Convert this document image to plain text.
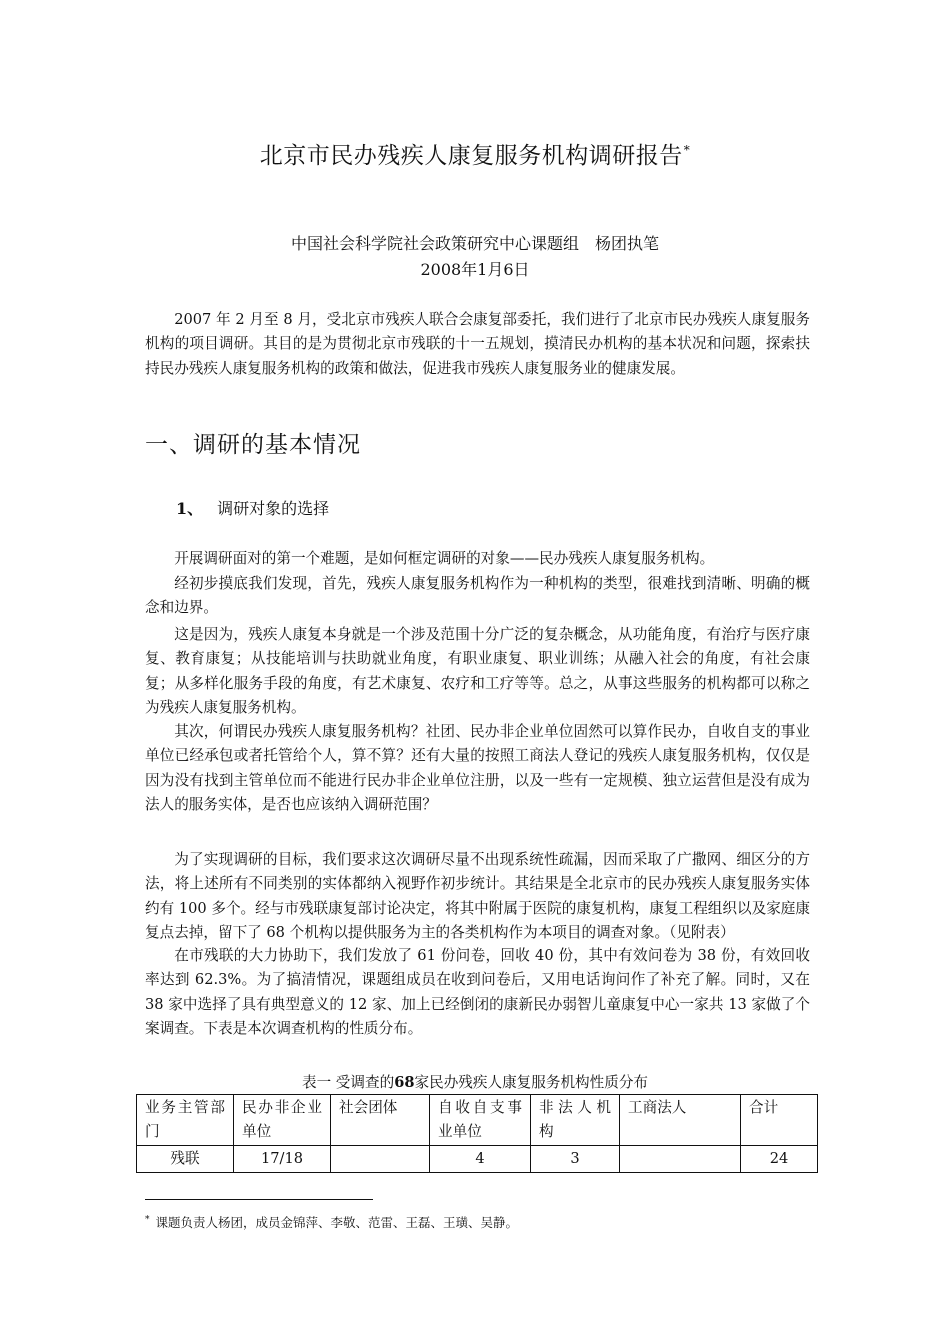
北京市民办残疾人康复服务机构调研报告*
中国社会科学院社会政策研究中心课题组　杨团执笔
2008年1月6日

2007 年 2 月至 8 月，受北京市残疾人联合会康复部委托，我们进行了北京市民办残疾人康复服务机构的项目调研。其目的是为贯彻北京市残联的十一五规划，摸清民办机构的基本状况和问题，探索扶持民办残疾人康复服务机构的政策和做法，促进我市残疾人康复服务业的健康发展。

一、调研的基本情况
1、 调研对象的选择

开展调研面对的第一个难题，是如何框定调研的对象——民办残疾人康复服务机构。

经初步摸底我们发现，首先，残疾人康复服务机构作为一种机构的类型，很难找到清晰、明确的概念和边界。

这是因为，残疾人康复本身就是一个涉及范围十分广泛的复杂概念，从功能角度，有治疗与医疗康复、教育康复；从技能培训与扶助就业角度，有职业康复、职业训练；从融入社会的角度，有社会康复；从多样化服务手段的角度，有艺术康复、农疗和工疗等等。总之，从事这些服务的机构都可以称之为残疾人康复服务机构。

其次，何谓民办残疾人康复服务机构？社团、民办非企业单位固然可以算作民办，自收自支的事业单位已经承包或者托管给个人，算不算？还有大量的按照工商法人登记的残疾人康复服务机构，仅仅是因为没有找到主管单位而不能进行民办非企业单位注册，以及一些有一定规模、独立运营但是没有成为法人的服务实体，是否也应该纳入调研范围？

为了实现调研的目标，我们要求这次调研尽量不出现系统性疏漏，因而采取了广撒网、细区分的方法，将上述所有不同类别的实体都纳入视野作初步统计。其结果是全北京市的民办残疾人康复服务实体约有 100 多个。经与市残联康复部讨论决定，将其中附属于医院的康复机构，康复工程组织以及家庭康复点去掉，留下了 68 个机构以提供服务为主的各类机构作为本项目的调查对象。（见附表）

在市残联的大力协助下，我们发放了 61 份问卷，回收 40 份，其中有效问卷为 38 份，有效回收率达到 62.3%。为了搞清情况，课题组成员在收到问卷后，又用电话询问作了补充了解。同时，又在 38 家中选择了具有典型意义的 12 家、加上已经倒闭的康新民办弱智儿童康复中心一家共 13 家做了个案调查。下表是本次调查机构的性质分布。

表一 受调查的68家民办残疾人康复服务机构性质分布
业务主管部门	民办非企业单位	社会团体	自收自支事业单位	非法人机构	工商法人	合计
残联	17/18		4	3		24
* 课题负责人杨团，成员金锦萍、李敬、范雷、王磊、王璜、吴静。
